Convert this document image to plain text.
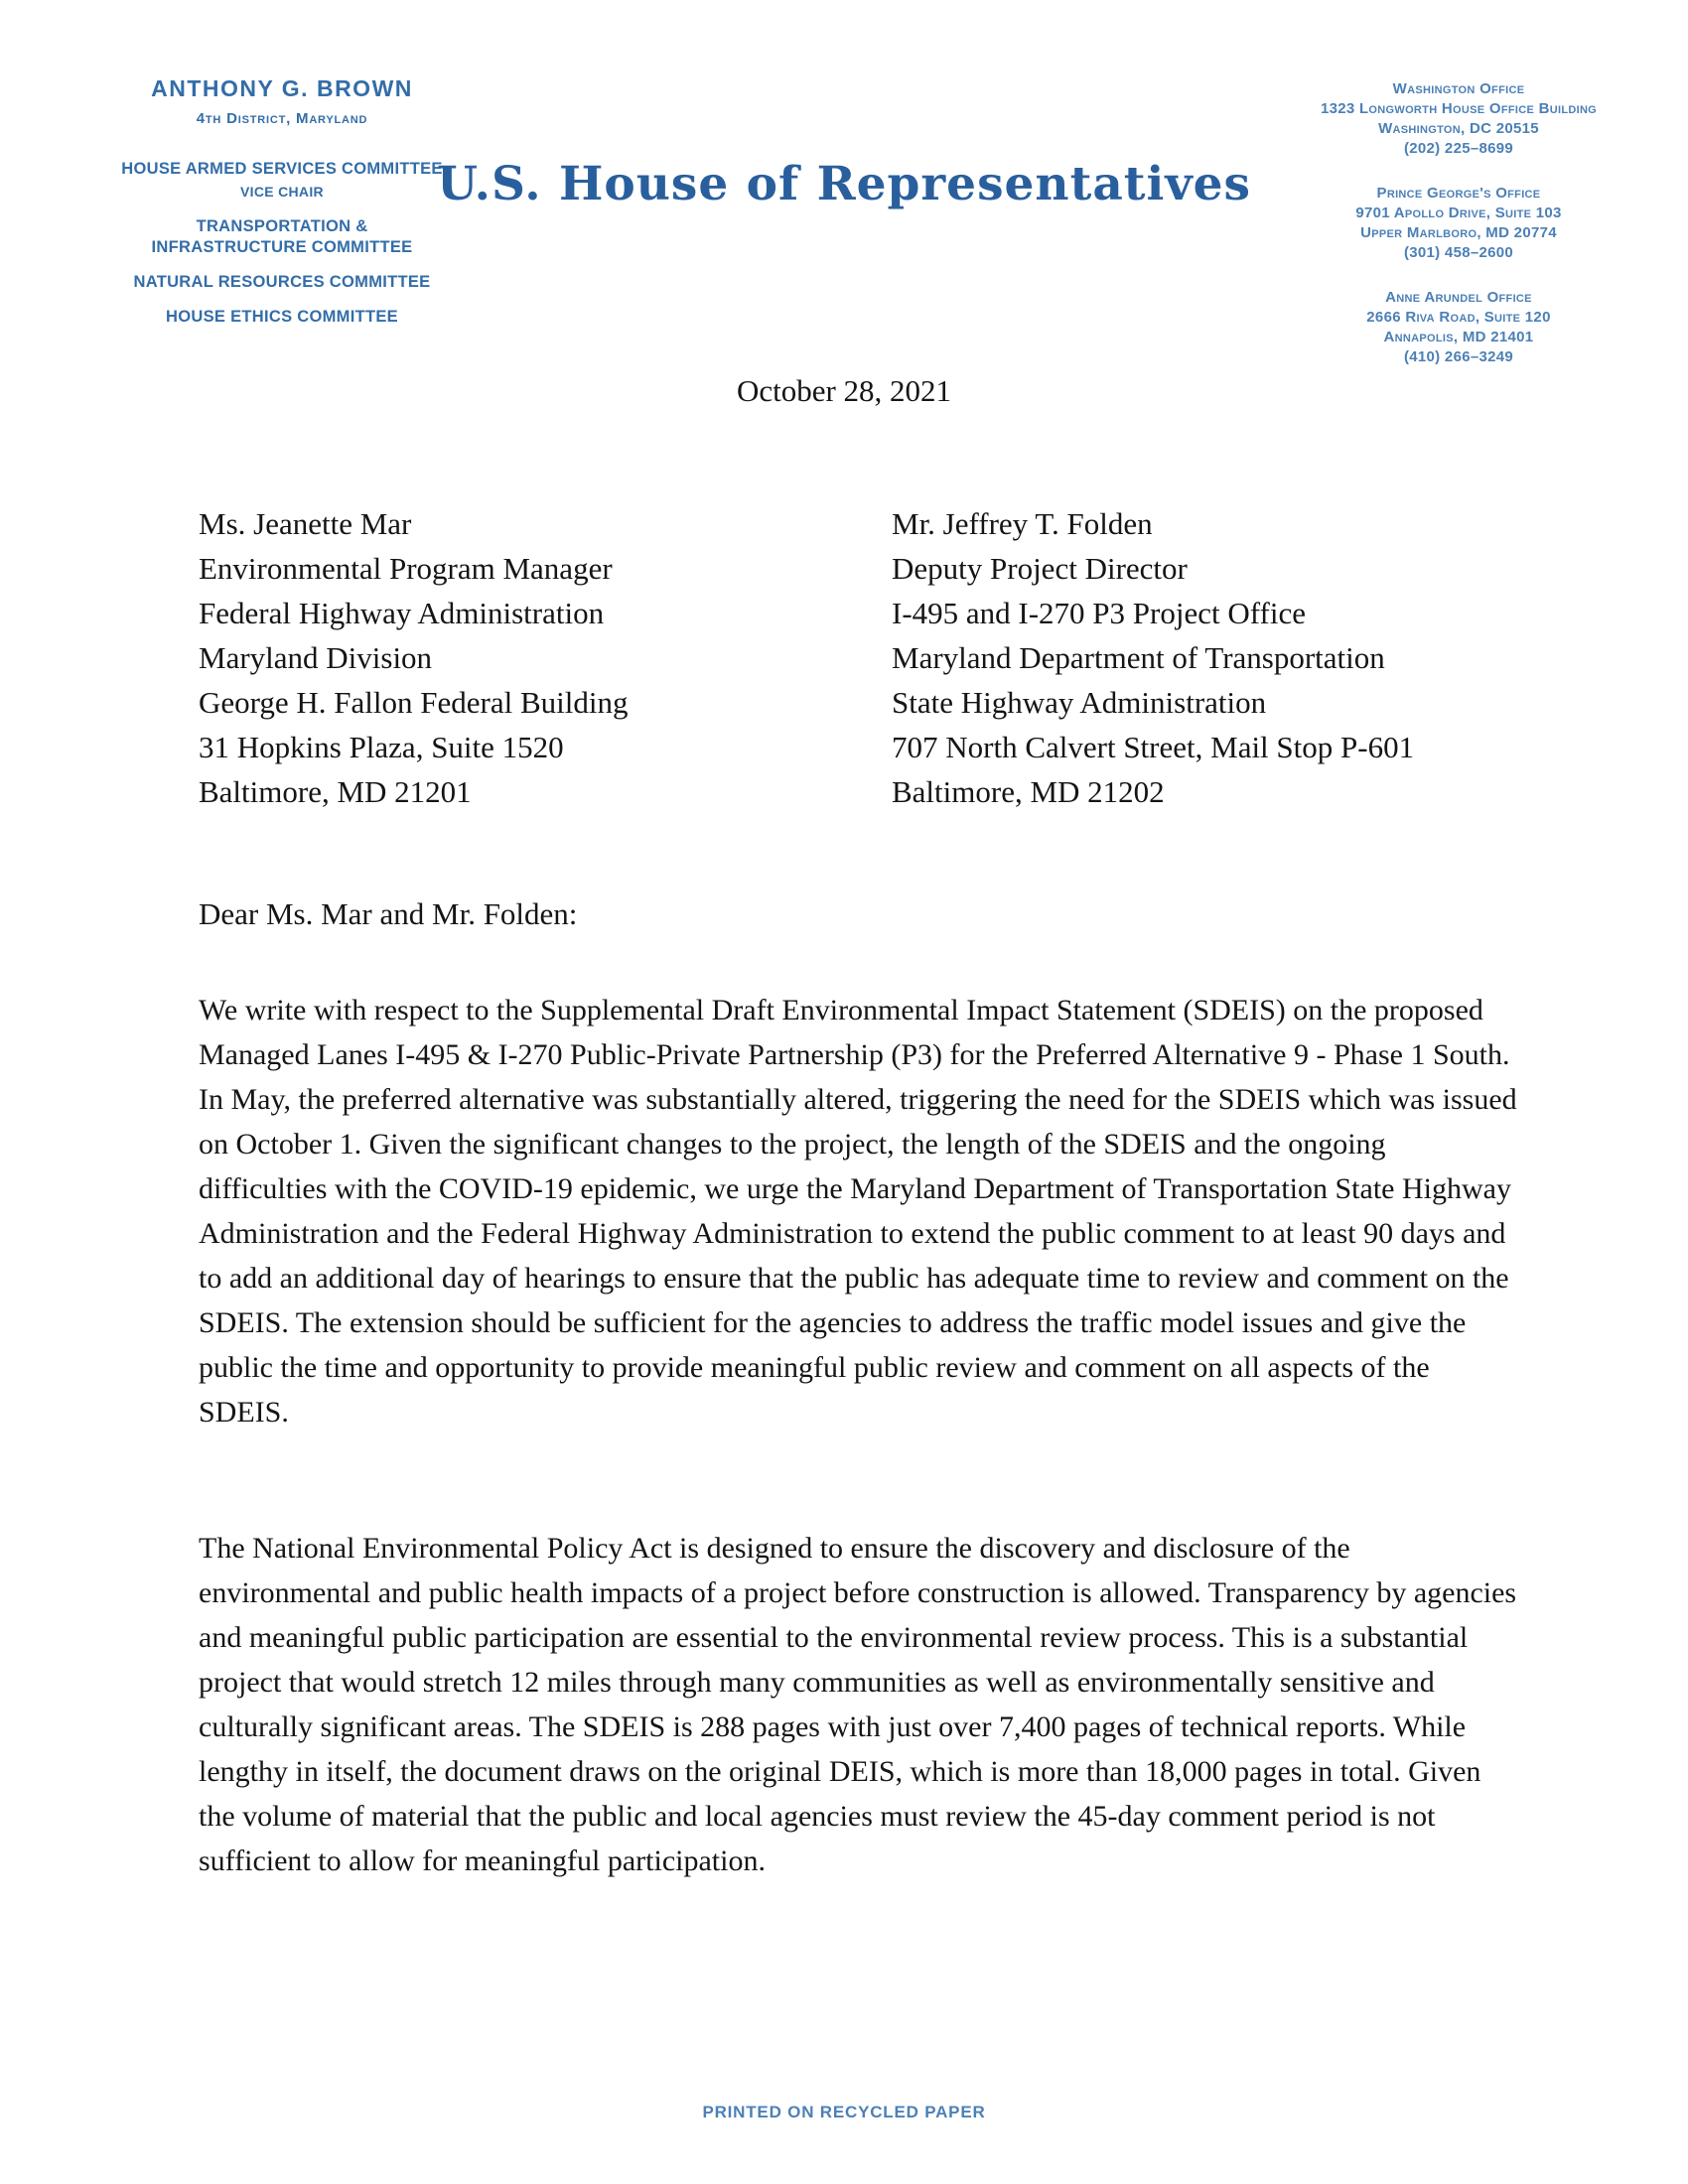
ANTHONY G. BROWN
4th District, Maryland
HOUSE ARMED SERVICES COMMITTEE
VICE CHAIR
TRANSPORTATION &
INFRASTRUCTURE COMMITTEE
NATURAL RESOURCES COMMITTEE
HOUSE ETHICS COMMITTEE
U.S. House of Representatives
Washington Office
1323 Longworth House Office Building
Washington, DC 20515
(202) 225–8699
Prince George's Office
9701 Apollo Drive, Suite 103
Upper Marlboro, MD 20774
(301) 458–2600
Anne Arundel Office
2666 Riva Road, Suite 120
Annapolis, MD 21401
(410) 266–3249
October 28, 2021
Ms. Jeanette Mar
Environmental Program Manager
Federal Highway Administration
Maryland Division
George H. Fallon Federal Building
31 Hopkins Plaza, Suite 1520
Baltimore, MD 21201
Mr. Jeffrey T. Folden
Deputy Project Director
I-495 and I-270 P3 Project Office
Maryland Department of Transportation
State Highway Administration
707 North Calvert Street, Mail Stop P-601
Baltimore, MD 21202
Dear Ms. Mar and Mr. Folden:
We write with respect to the Supplemental Draft Environmental Impact Statement (SDEIS) on the proposed Managed Lanes I-495 & I-270 Public-Private Partnership (P3) for the Preferred Alternative 9 - Phase 1 South. In May, the preferred alternative was substantially altered, triggering the need for the SDEIS which was issued on October 1. Given the significant changes to the project, the length of the SDEIS and the ongoing difficulties with the COVID-19 epidemic, we urge the Maryland Department of Transportation State Highway Administration and the Federal Highway Administration to extend the public comment to at least 90 days and to add an additional day of hearings to ensure that the public has adequate time to review and comment on the SDEIS. The extension should be sufficient for the agencies to address the traffic model issues and give the public the time and opportunity to provide meaningful public review and comment on all aspects of the SDEIS.
The National Environmental Policy Act is designed to ensure the discovery and disclosure of the environmental and public health impacts of a project before construction is allowed. Transparency by agencies and meaningful public participation are essential to the environmental review process. This is a substantial project that would stretch 12 miles through many communities as well as environmentally sensitive and culturally significant areas. The SDEIS is 288 pages with just over 7,400 pages of technical reports. While lengthy in itself, the document draws on the original DEIS, which is more than 18,000 pages in total. Given the volume of material that the public and local agencies must review the 45-day comment period is not sufficient to allow for meaningful participation.
PRINTED ON RECYCLED PAPER
